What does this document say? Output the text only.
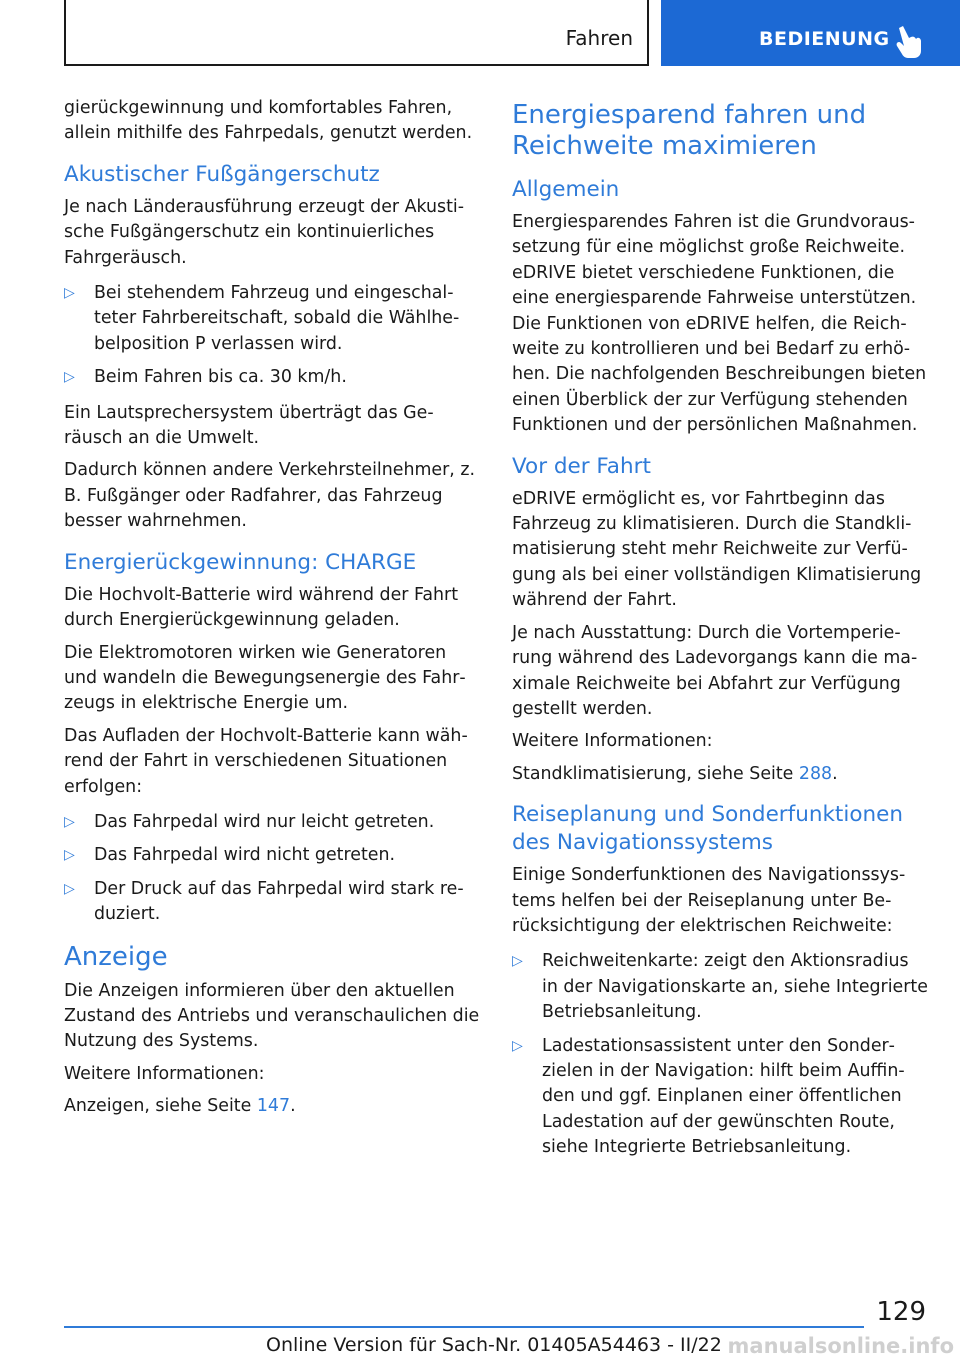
Fahren	BEDIENUNG

gierückgewinnung und komfortables Fahren, allein mithilfe des Fahrpedals, genutzt werden.

Akustischer Fußgängerschutz

Je nach Länderausführung erzeugt der Akustische Fußgängerschutz ein kontinuierliches Fahrgeräusch.

▷ Bei stehendem Fahrzeug und eingeschalteter Fahrbereitschaft, sobald die Wählhebelposition P verlassen wird.
▷ Beim Fahren bis ca. 30 km/h.

Ein Lautsprechersystem überträgt das Geräusch an die Umwelt.

Dadurch können andere Verkehrsteilnehmer, z. B. Fußgänger oder Radfahrer, das Fahrzeug besser wahrnehmen.

Energierückgewinnung: CHARGE

Die Hochvolt-Batterie wird während der Fahrt durch Energierückgewinnung geladen.

Die Elektromotoren wirken wie Generatoren und wandeln die Bewegungsenergie des Fahrzeugs in elektrische Energie um.

Das Aufladen der Hochvolt-Batterie kann während der Fahrt in verschiedenen Situationen erfolgen:

▷ Das Fahrpedal wird nur leicht getreten.
▷ Das Fahrpedal wird nicht getreten.
▷ Der Druck auf das Fahrpedal wird stark reduziert.
Anzeige

Die Anzeigen informieren über den aktuellen Zustand des Antriebs und veranschaulichen die Nutzung des Systems.

Weitere Informationen:

Anzeigen, siehe Seite 147.

Energiesparend fahren und Reichweite maximieren
Allgemein

Energiesparendes Fahren ist die Grundvoraussetzung für eine möglichst große Reichweite. eDRIVE bietet verschiedene Funktionen, die eine energiesparende Fahrweise unterstützen. Die Funktionen von eDRIVE helfen, die Reichweite zu kontrollieren und bei Bedarf zu erhöhen. Die nachfolgenden Beschreibungen bieten einen Überblick der zur Verfügung stehenden Funktionen und der persönlichen Maßnahmen.

Vor der Fahrt

eDRIVE ermöglicht es, vor Fahrtbeginn das Fahrzeug zu klimatisieren. Durch die Standklimatisierung steht mehr Reichweite zur Verfügung als bei einer vollständigen Klimatisierung während der Fahrt.

Je nach Ausstattung: Durch die Vortemperierung während des Ladevorgangs kann die maximale Reichweite bei Abfahrt zur Verfügung gestellt werden.

Weitere Informationen:

Standklimatisierung, siehe Seite 288.

Reiseplanung und Sonderfunktionen des Navigationssystems

Einige Sonderfunktionen des Navigationssystems helfen bei der Reiseplanung unter Berücksichtigung der elektrischen Reichweite:

▷ Reichweitenkarte: zeigt den Aktionsradius in der Navigationskarte an, siehe Integrierte Betriebsanleitung.
▷ Ladestationsassistent unter den Sonderzielen in der Navigation: hilft beim Auffinden und ggf. Einplanen einer öffentlichen Ladestation auf der gewünschten Route, siehe Integrierte Betriebsanleitung.
129
Online Version für Sach-Nr. 01405A54463 - II/22 manualsonline.info
